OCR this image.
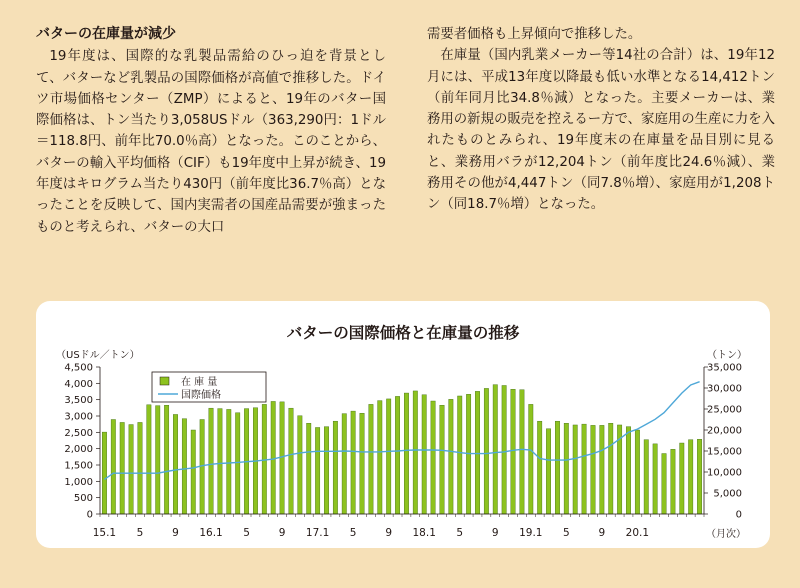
バターの在庫量が減少

19年度は、国際的な乳製品需給のひっ迫を背景として、バターなど乳製品の国際価格が高値で推移した。ドイツ市場価格センター（ZMP）によると、19年のバター国際価格は、トン当たり3,058USドル（363,290円：1ドル＝118.8円、前年比70.0％高）となった。このことから、バターの輸入平均価格（CIF）も19年度中上昇が続き、19年度はキログラム当たり430円（前年度比36.7％高）となったことを反映して、国内実需者の国産品需要が強まったものと考えられ、バターの大口

需要者価格も上昇傾向で推移した。

在庫量（国内乳業メーカー等14社の合計）は、19年12月には、平成13年度以降最も低い水準となる14,412トン（前年同月比34.8％減）となった。主要メーカーは、業務用の新規の販売を控えるー方で、家庭用の生産に力を入れたものとみられ、19年度末の在庫量を品目別に見ると、業務用バラが12,204トン（前年度比24.6％減）、業務用その他が4,447トン（同7.8％増）、家庭用が1,208トン（同18.7％増）となった。

バターの国際価格と在庫量の推移
（USドル／トン）	（トン）
（月次）
0
500
1,000
1,500
2,000
2,500
3,000
3,500
4,000
4,500
0
5,000
10,000
15,000
20,000
25,000
30,000
35,000
15.1 5	9 16.1 5	9 17.1 5	9 18.1 5	9 19.1 5	9 20.1
在 庫 量
国際価格
